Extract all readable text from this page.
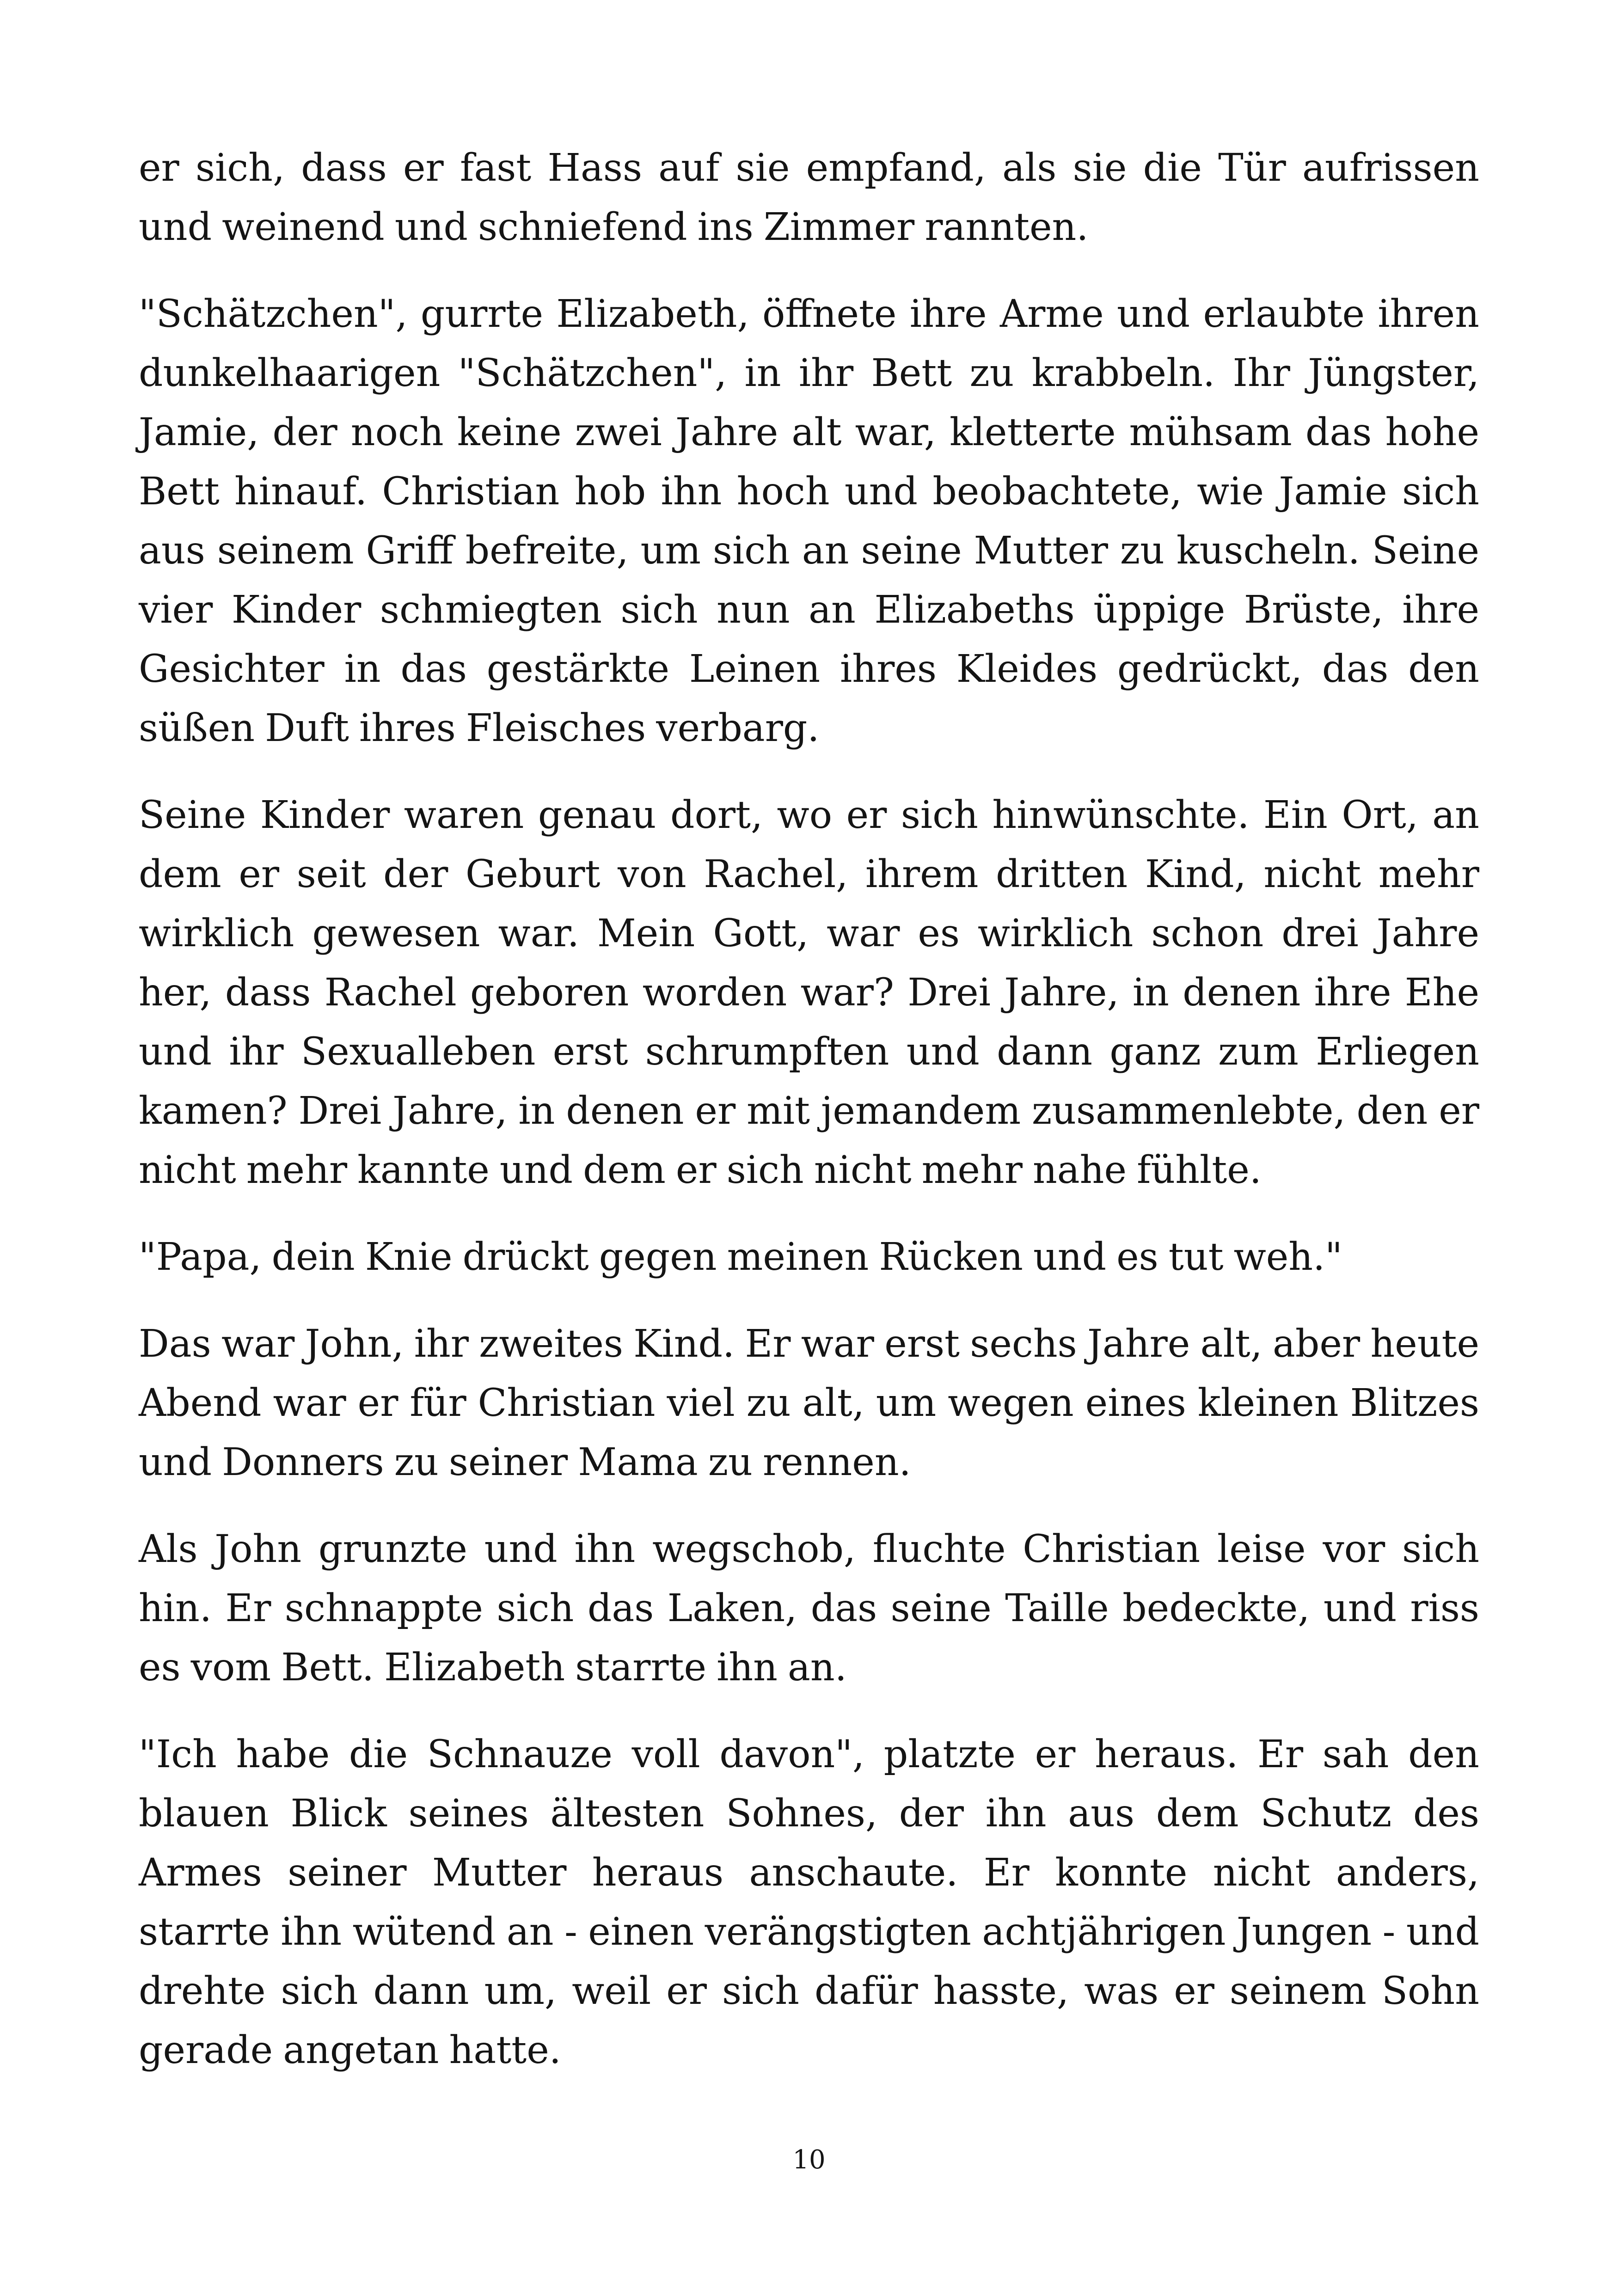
er sich, dass er fast Hass auf sie empfand, als sie die Tür aufrissen und weinend und schniefend ins Zimmer rannten.

"Schätzchen", gurrte Elizabeth, öffnete ihre Arme und erlaubte ihren dunkelhaarigen "Schätzchen", in ihr Bett zu krabbeln. Ihr Jüngster, Jamie, der noch keine zwei Jahre alt war, kletterte mühsam das hohe Bett hinauf. Christian hob ihn hoch und beobachtete, wie Jamie sich aus seinem Griff befreite, um sich an seine Mutter zu kuscheln. Seine vier Kinder schmiegten sich nun an Elizabeths üppige Brüste, ihre Gesichter in das gestärkte Leinen ihres Kleides gedrückt, das den süßen Duft ihres Fleisches verbarg.

Seine Kinder waren genau dort, wo er sich hinwünschte. Ein Ort, an dem er seit der Geburt von Rachel, ihrem dritten Kind, nicht mehr wirklich gewesen war. Mein Gott, war es wirklich schon drei Jahre her, dass Rachel geboren worden war? Drei Jahre, in denen ihre Ehe und ihr Sexualleben erst schrumpften und dann ganz zum Erliegen kamen? Drei Jahre, in denen er mit jemandem zusammenlebte, den er nicht mehr kannte und dem er sich nicht mehr nahe fühlte.

"Papa, dein Knie drückt gegen meinen Rücken und es tut weh."

Das war John, ihr zweites Kind. Er war erst sechs Jahre alt, aber heute Abend war er für Christian viel zu alt, um wegen eines kleinen Blitzes und Donners zu seiner Mama zu rennen.

Als John grunzte und ihn wegschob, fluchte Christian leise vor sich hin. Er schnappte sich das Laken, das seine Taille bedeckte, und riss es vom Bett. Elizabeth starrte ihn an.

"Ich habe die Schnauze voll davon", platzte er heraus. Er sah den blauen Blick seines ältesten Sohnes, der ihn aus dem Schutz des Armes seiner Mutter heraus anschaute. Er konnte nicht anders, starrte ihn wütend an - einen verängstigten achtjährigen Jungen - und drehte sich dann um, weil er sich dafür hasste, was er seinem Sohn gerade angetan hatte.

10
